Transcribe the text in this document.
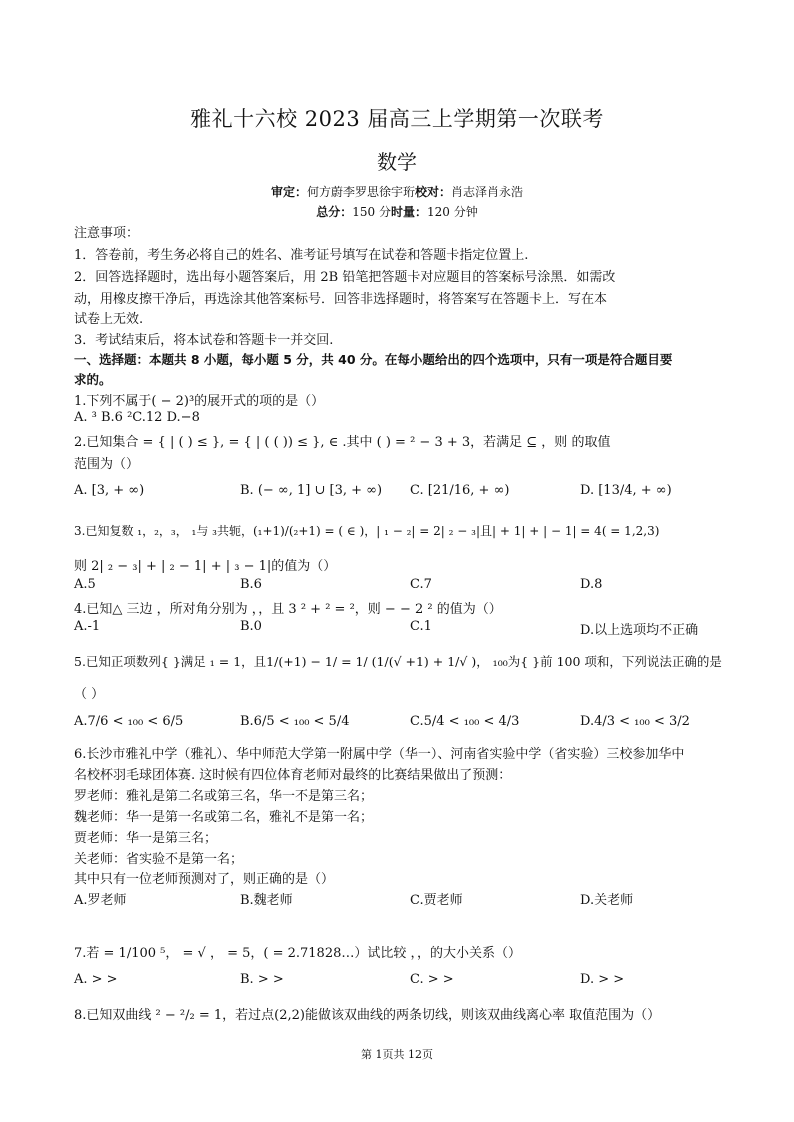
雅礼十六校 2023 届高三上学期第一次联考
数学
审定：何方蔚李罗思徐宇珩校对：肖志泽肖永浩
总分：150 分时量：120 分钟
注意事项：
1．答卷前，考生务必将自己的姓名、准考证号填写在试卷和答题卡指定位置上.
2．回答选择题时，选出每小题答案后，用 2B 铅笔把答题卡对应题目的答案标号涂黑．如需改
动，用橡皮擦干净后，再选涂其他答案标号．回答非选择题时，将答案写在答题卡上．写在本
试卷上无效.
3．考试结束后，将本试卷和答题卡一并交回.
一、选择题：本题共 8 小题，每小题 5 分，共 40 分。在每小题给出的四个选项中，只有一项是符合题目要
求的。
1.下列不属于( − 2)³的展开式的项的是（）
A. ³ B.6 ²C.12 D.−8
2.已知集合 = { | ( ) ≤ }, = { | ( ( )) ≤ }, ∈ .其中 ( ) = ² − 3 + 3，若满足 ⊆ ，则 的取值
范围为（）
A. [3, + ∞)	B. (− ∞, 1] ∪ [3, + ∞) C. [21/16, + ∞)	D. [13/4, + ∞)
3.已知复数 ₁，₂，₃， ₁与 ₃共轭，(₁+1)/(₂+1) = ( ∈ )，| ₁ − ₂| = 2| ₂ − ₃|且| + 1| + | − 1| = 4( = 1,2,3)
则 2| ₂ − ₃| + | ₂ − 1| + | ₃ − 1|的值为（）
A.5	B.6	C.7	D.8
4.已知△ 三边 ，所对角分别为 ，，且 3 ² + ² = ²，则 − − 2 ² 的值为（）
A.-1	B.0	C.1	D.以上选项均不正确
5.已知正项数列{ }满足 ₁ = 1，且1/(+1) − 1/ = 1/ (1/(√ +1) + 1/√ )， ₁₀₀为{ }前 100 项和，下列说法正确的是
（ ）
A.7/6 < ₁₀₀ < 6/5	B.6/5 < ₁₀₀ < 5/4	C.5/4 < ₁₀₀ < 4/3	D.4/3 < ₁₀₀ < 3/2
6.长沙市雅礼中学（雅礼）、华中师范大学第一附属中学（华一）、河南省实验中学（省实验）三校参加华中
名校杯羽毛球团体赛. 这时候有四位体育老师对最终的比赛结果做出了预测：
罗老师：雅礼是第二名或第三名，华一不是第三名；
魏老师：华一是第一名或第二名，雅礼不是第一名；
贾老师：华一是第三名；
关老师：省实验不是第一名；
其中只有一位老师预测对了，则正确的是（）
A.罗老师	B.魏老师	C.贾老师	D.关老师
7.若 = 1/100 ⁵， = √ ， = 5，( = 2.71828…）试比较 ，，的大小关系（）
A. > >	B. > >	C. > >	D. > >
8.已知双曲线 ² − ²/₂ = 1，若过点(2,2)能做该双曲线的两条切线，则该双曲线离心率 取值范围为（）
第 1页共 12页
